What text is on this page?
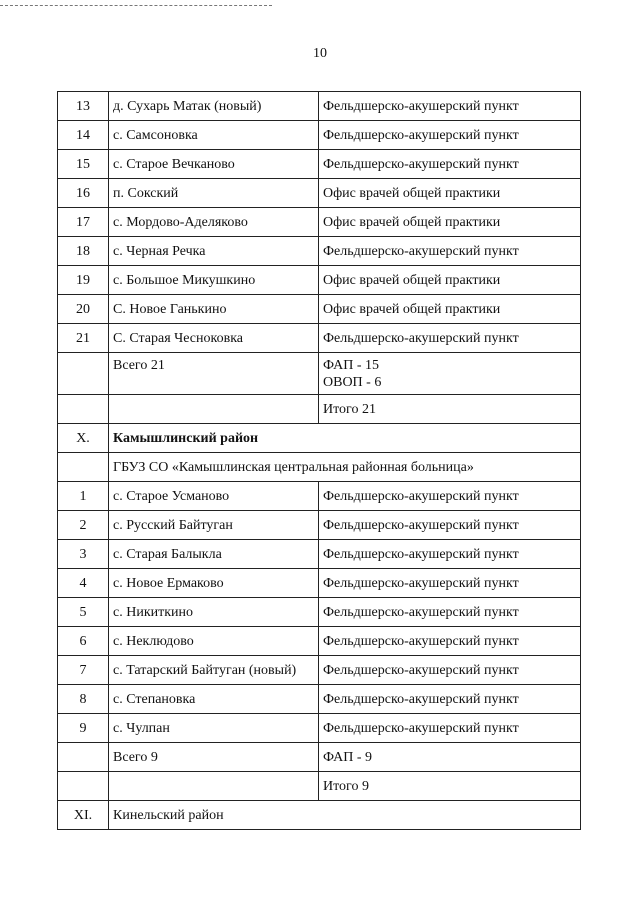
10
13	д. Сухарь Матак (новый)	Фельдшерско-акушерский пункт
14	с. Самсоновка	Фельдшерско-акушерский пункт
15	с. Старое Вечканово	Фельдшерско-акушерский пункт
16	п. Сокский	Офис врачей общей практики
17	с. Мордово-Аделяково	Офис врачей общей практики
18	с. Черная Речка	Фельдшерско-акушерский пункт
19	с. Большое Микушкино	Офис врачей общей практики
20	С. Новое Ганькино	Офис врачей общей практики
21	С. Старая Чесноковка	Фельдшерско-акушерский пункт
	Всего 21	ФАП - 15
ОВОП - 6
		Итого 21
X.	Камышлинский район	
	ГБУЗ СО «Камышлинская центральная районная больница»	
1	с. Старое Усманово	Фельдшерско-акушерский пункт
2	с. Русский Байтуган	Фельдшерско-акушерский пункт
3	с. Старая Балыкла	Фельдшерско-акушерский пункт
4	с. Новое Ермаково	Фельдшерско-акушерский пункт
5	с. Никиткино	Фельдшерско-акушерский пункт
6	с. Неклюдово	Фельдшерско-акушерский пункт
7	с. Татарский Байтуган (новый)	Фельдшерско-акушерский пункт
8	с. Степановка	Фельдшерско-акушерский пункт
9	с. Чулпан	Фельдшерско-акушерский пункт
	Всего 9	ФАП - 9
		Итого 9
XI.	Кинельский район	
